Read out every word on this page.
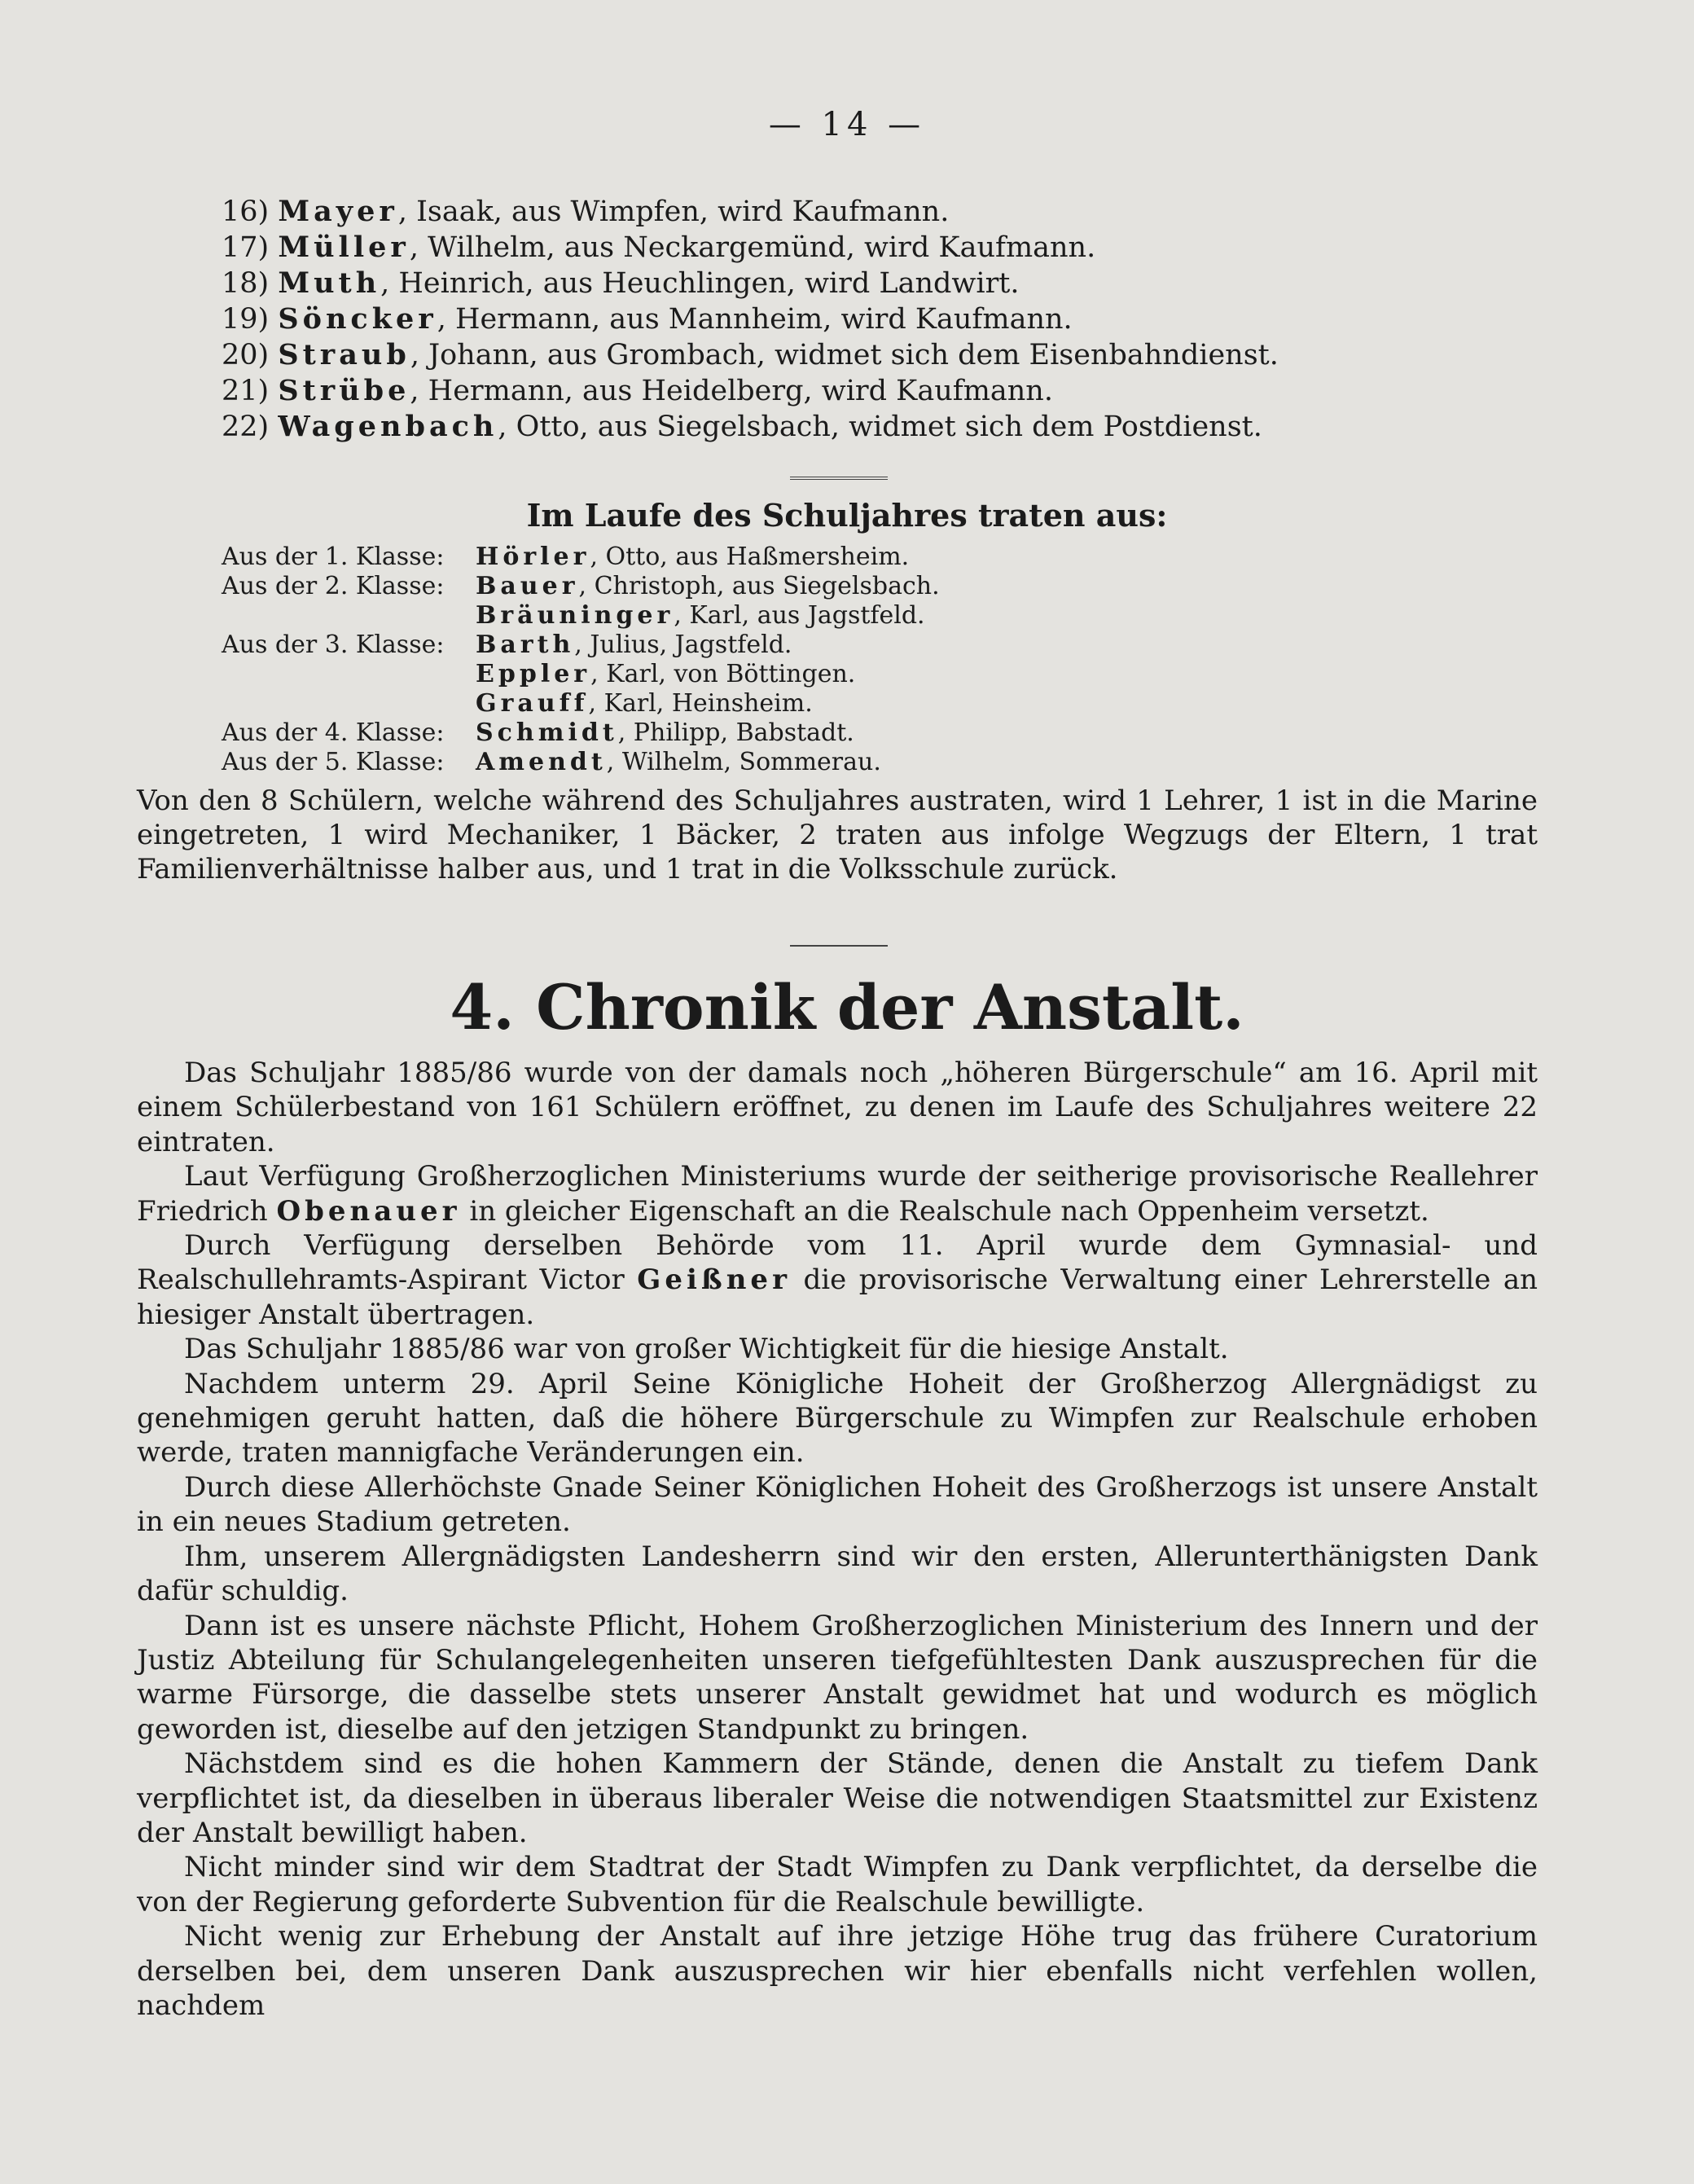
— 14 —
16) Mayer, Isaak, aus Wimpfen, wird Kaufmann.
17) Müller, Wilhelm, aus Neckargemünd, wird Kaufmann.
18) Muth, Heinrich, aus Heuchlingen, wird Landwirt.
19) Söncker, Hermann, aus Mannheim, wird Kaufmann.
20) Straub, Johann, aus Grombach, widmet sich dem Eisenbahndienst.
21) Strübe, Hermann, aus Heidelberg, wird Kaufmann.
22) Wagenbach, Otto, aus Siegelsbach, widmet sich dem Postdienst.
Im Laufe des Schuljahres traten aus:
Aus der 1. Klasse: Hörler, Otto, aus Haßmersheim.
Aus der 2. Klasse: Bauer, Christoph, aus Siegelsbach.
Bräuninger, Karl, aus Jagstfeld.
Aus der 3. Klasse: Barth, Julius, Jagstfeld.
Eppler, Karl, von Böttingen.
Grauff, Karl, Heinsheim.
Aus der 4. Klasse: Schmidt, Philipp, Babstadt.
Aus der 5. Klasse: Amendt, Wilhelm, Sommerau.
Von den 8 Schülern, welche während des Schuljahres austraten, wird 1 Lehrer, 1 ist in die Marine eingetreten, 1 wird Mechaniker, 1 Bäcker, 2 traten aus infolge Wegzugs der Eltern, 1 trat Familienverhältnisse halber aus, und 1 trat in die Volksschule zurück.
4. Chronik der Anstalt.

Das Schuljahr 1885/86 wurde von der damals noch „höheren Bürgerschule“ am 16. April mit einem Schülerbestand von 161 Schülern eröffnet, zu denen im Laufe des Schuljahres weitere 22 eintraten.

Laut Verfügung Großherzoglichen Ministeriums wurde der seitherige provisorische Reallehrer Friedrich Obenauer in gleicher Eigenschaft an die Realschule nach Oppenheim versetzt.

Durch Verfügung derselben Behörde vom 11. April wurde dem Gymnasial- und Realschullehramts-Aspirant Victor Geißner die provisorische Verwaltung einer Lehrerstelle an hiesiger Anstalt übertragen.

Das Schuljahr 1885/86 war von großer Wichtigkeit für die hiesige Anstalt.

Nachdem unterm 29. April Seine Königliche Hoheit der Großherzog Allergnädigst zu genehmigen geruht hatten, daß die höhere Bürgerschule zu Wimpfen zur Realschule erhoben werde, traten mannigfache Veränderungen ein.

Durch diese Allerhöchste Gnade Seiner Königlichen Hoheit des Großherzogs ist unsere Anstalt in ein neues Stadium getreten.

Ihm, unserem Allergnädigsten Landesherrn sind wir den ersten, Allerunterthänigsten Dank dafür schuldig.

Dann ist es unsere nächste Pflicht, Hohem Großherzoglichen Ministerium des Innern und der Justiz Abteilung für Schulangelegenheiten unseren tiefgefühltesten Dank auszusprechen für die warme Fürsorge, die dasselbe stets unserer Anstalt gewidmet hat und wodurch es möglich geworden ist, dieselbe auf den jetzigen Standpunkt zu bringen.

Nächstdem sind es die hohen Kammern der Stände, denen die Anstalt zu tiefem Dank verpflichtet ist, da dieselben in überaus liberaler Weise die notwendigen Staatsmittel zur Existenz der Anstalt bewilligt haben.

Nicht minder sind wir dem Stadtrat der Stadt Wimpfen zu Dank verpflichtet, da derselbe die von der Regierung geforderte Subvention für die Realschule bewilligte.

Nicht wenig zur Erhebung der Anstalt auf ihre jetzige Höhe trug das frühere Curatorium derselben bei, dem unseren Dank auszusprechen wir hier ebenfalls nicht verfehlen wollen, nachdem
